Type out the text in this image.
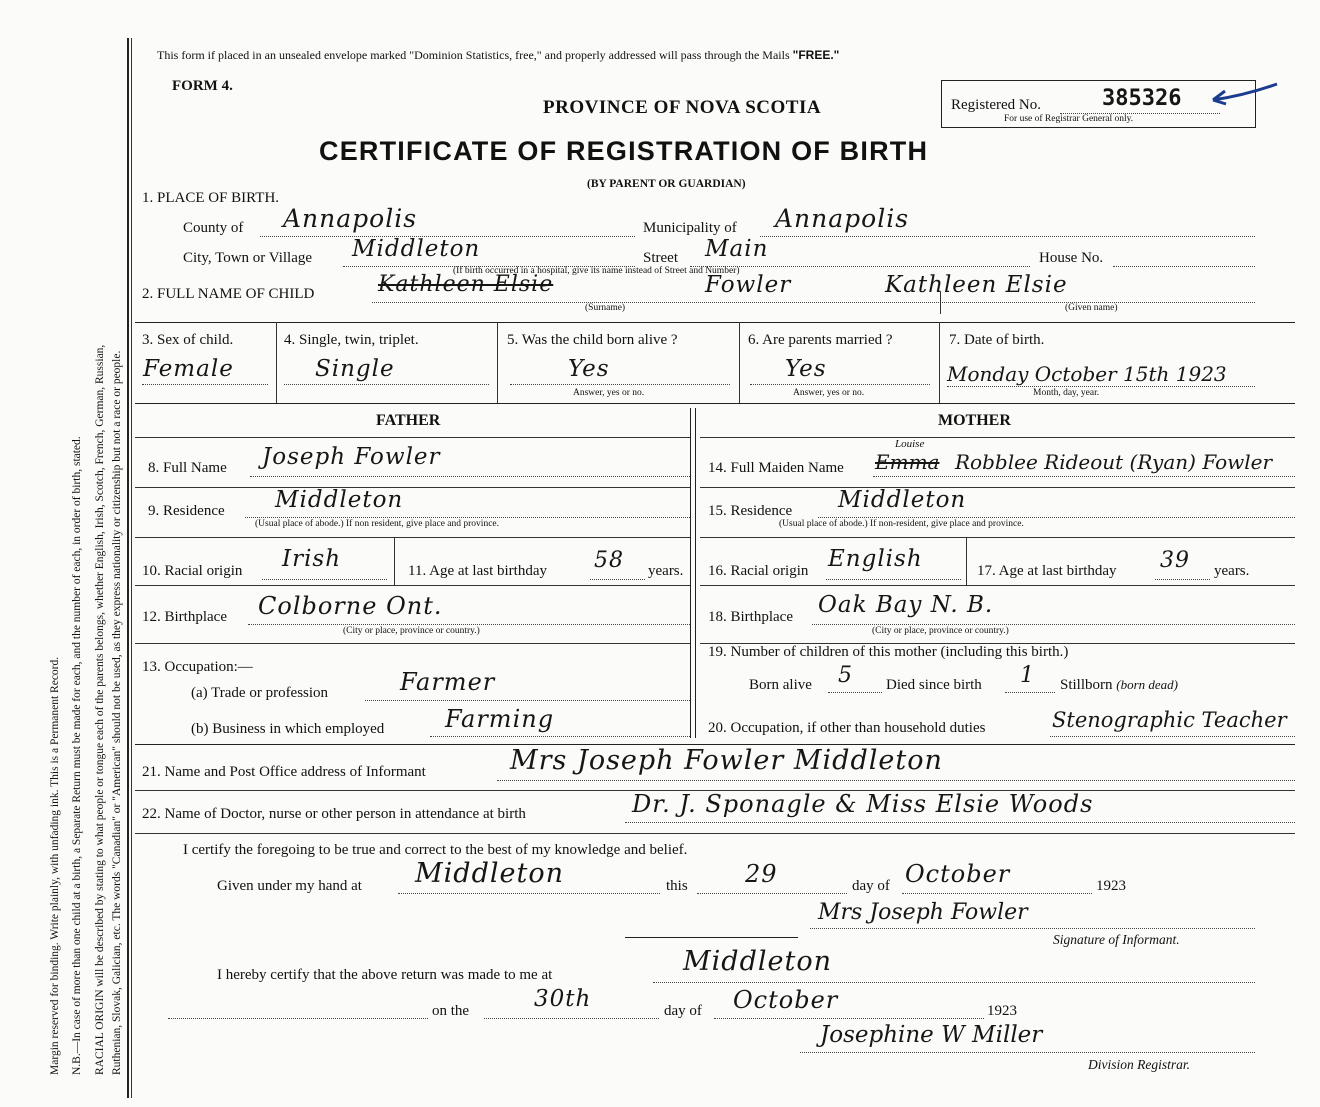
Margin reserved for binding. Write plainly, with unfading ink. This is a Permanent Record. N.B.—In case of more than one child at a birth, a Separate Return must be made for each, and the number of each, in order of birth, stated. RACIAL ORIGIN will be described by stating to what people or tongue each of the parents belongs, whether English, Irish, Scotch, French, German, Russian, Ruthenian, Slovak, Galician, etc. The words "Canadian" or "American" should not be used, as they express nationality or citizenship but not a race or people.
This form if placed in an unsealed envelope marked "Dominion Statistics, free," and properly addressed will pass through the Mails "FREE."
FORM 4.
PROVINCE OF NOVA SCOTIA
CERTIFICATE OF REGISTRATION OF BIRTH
(BY PARENT OR GUARDIAN)
Registered No.	385326
For use of Registrar General only.
1. PLACE OF BIRTH.
County of Annapolis	Municipality of Annapolis
City, Town or Village Middleton	Street Main	House No.
(If birth occurred in a hospital, give its name instead of Street and Number)
2. FULL NAME OF CHILD	Kathleen Elsie	Fowler	Kathleen Elsie
(Surname)	(Given name)
3. Sex of child.
Female
4. Single, twin, triplet.
Single
5. Was the child born alive ?
Yes
Answer, yes or no.
6. Are parents married ?
Yes
Answer, yes or no.
7. Date of birth.
Monday October 15th 1923
Month, day, year.
FATHER	MOTHER
8. Full Name Joseph Fowler
9. Residence Middleton
(Usual place of abode.) If non resident, give place and province.
10. Racial origin Irish	11. Age at last birthday 58 years.
12. Birthplace Colborne Ont.
(City or place, province or country.)
13. Occupation:—
(a) Trade or profession	Farmer
(b) Business in which employed	Farming
14. Full Maiden Name Emma
Louise
Robblee Rideout (Ryan) Fowler
15. Residence Middleton
(Usual place of abode.) If non-resident, give place and province.
16. Racial origin English	17. Age at last birthday 39 years.
18. Birthplace Oak Bay N. B.
(City or place, province or country.)
19. Number of children of this mother (including this birth.)
Born alive 5 Died since birth 1 Stillborn (born dead)
20. Occupation, if other than household duties	Stenographic Teacher
21. Name and Post Office address of Informant	Mrs Joseph Fowler Middleton
22. Name of Doctor, nurse or other person in attendance at birth	Dr. J. Sponagle & Miss Elsie Woods
I certify the foregoing to be true and correct to the best of my knowledge and belief.
Given under my hand at Middleton	this 29	day of October	1923
Mrs Joseph Fowler
Signature of Informant.
I hereby certify that the above return was made to me at	Middleton
on the	30th	day of October	1923
Josephine W Miller
Division Registrar.
